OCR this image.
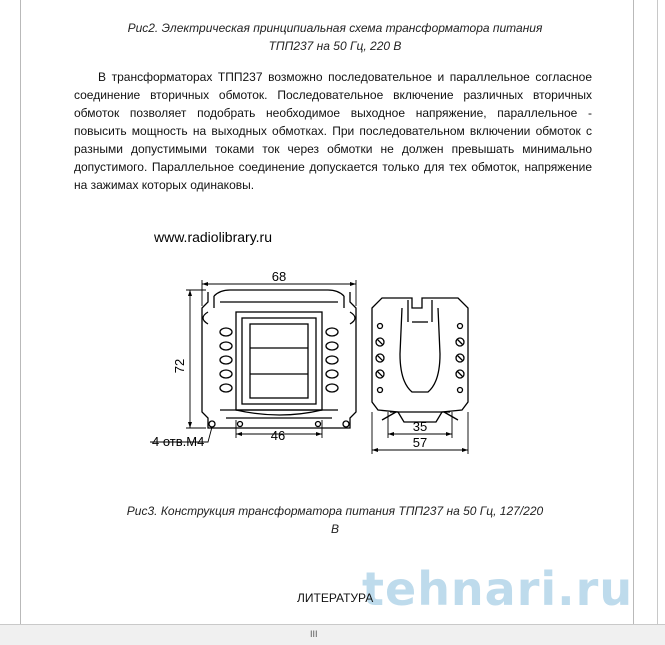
Рис2. Электрическая принципиальная схема трансформатора питания
ТПП237 на 50 Гц, 220 В
В трансформаторах ТПП237 возможно последовательное и параллельное согласное соединение вторичных обмоток. Последовательное включение различных вторичных обмоток позволяет подобрать необходимое выходное напряжение, параллельное - повысить мощность на выходных обмотках. При последовательном включении обмоток с разными допустимыми токами ток через обмотки не должен превышать минимально допустимого. Параллельное соединение допускается только для тех обмоток, напряжение на зажимах которых одинаковы.
www.radiolibrary.ru
68
72
46
4 отв.М4
35
57
Рис3. Конструкция трансформатора питания ТПП237 на 50 Гц, 127/220
В
tehnari.ru
ЛИТЕРАТУРА
III
